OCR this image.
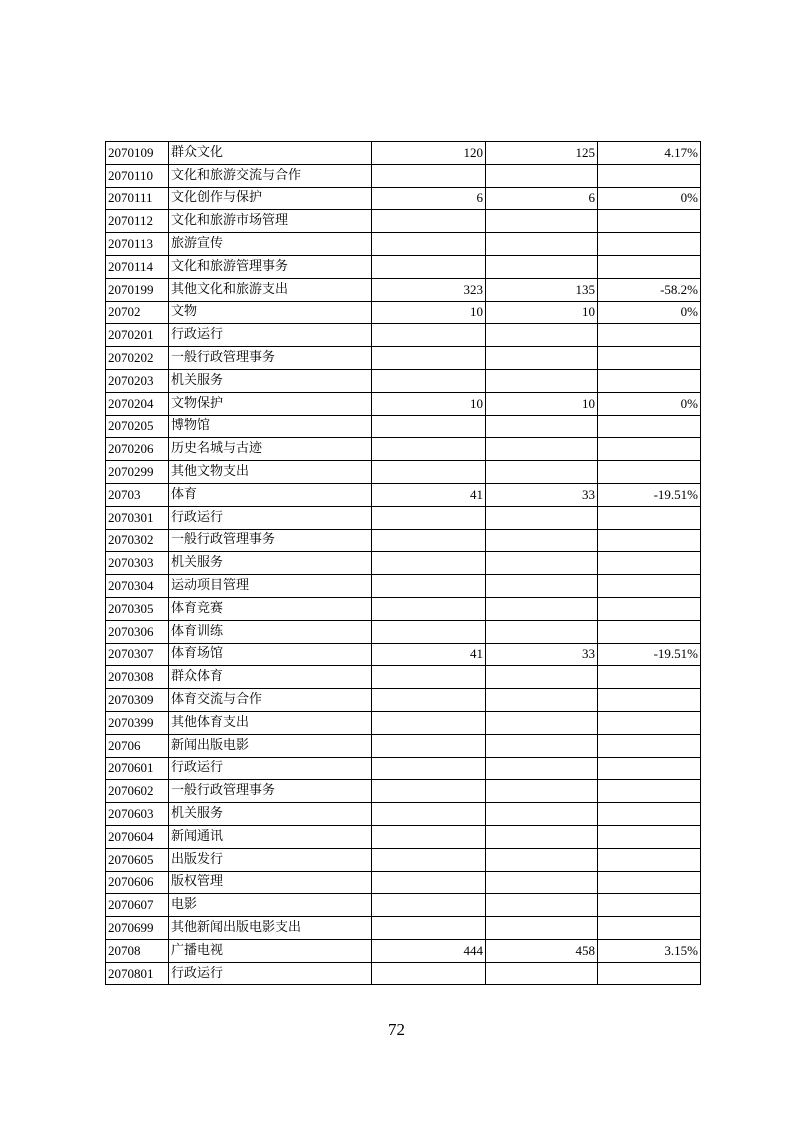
2070109	群众文化	120	125	4.17%
2070110	文化和旅游交流与合作			
2070111	文化创作与保护	6	6	0%
2070112	文化和旅游市场管理			
2070113	旅游宣传			
2070114	文化和旅游管理事务			
2070199	其他文化和旅游支出	323	135	-58.2%
20702	文物	10	10	0%
2070201	行政运行			
2070202	一般行政管理事务			
2070203	机关服务			
2070204	文物保护	10	10	0%
2070205	博物馆			
2070206	历史名城与古迹			
2070299	其他文物支出			
20703	体育	41	33	-19.51%
2070301	行政运行			
2070302	一般行政管理事务			
2070303	机关服务			
2070304	运动项目管理			
2070305	体育竞赛			
2070306	体育训练			
2070307	体育场馆	41	33	-19.51%
2070308	群众体育			
2070309	体育交流与合作			
2070399	其他体育支出			
20706	新闻出版电影			
2070601	行政运行			
2070602	一般行政管理事务			
2070603	机关服务			
2070604	新闻通讯			
2070605	出版发行			
2070606	版权管理			
2070607	电影			
2070699	其他新闻出版电影支出			
20708	广播电视	444	458	3.15%
2070801	行政运行			
72
